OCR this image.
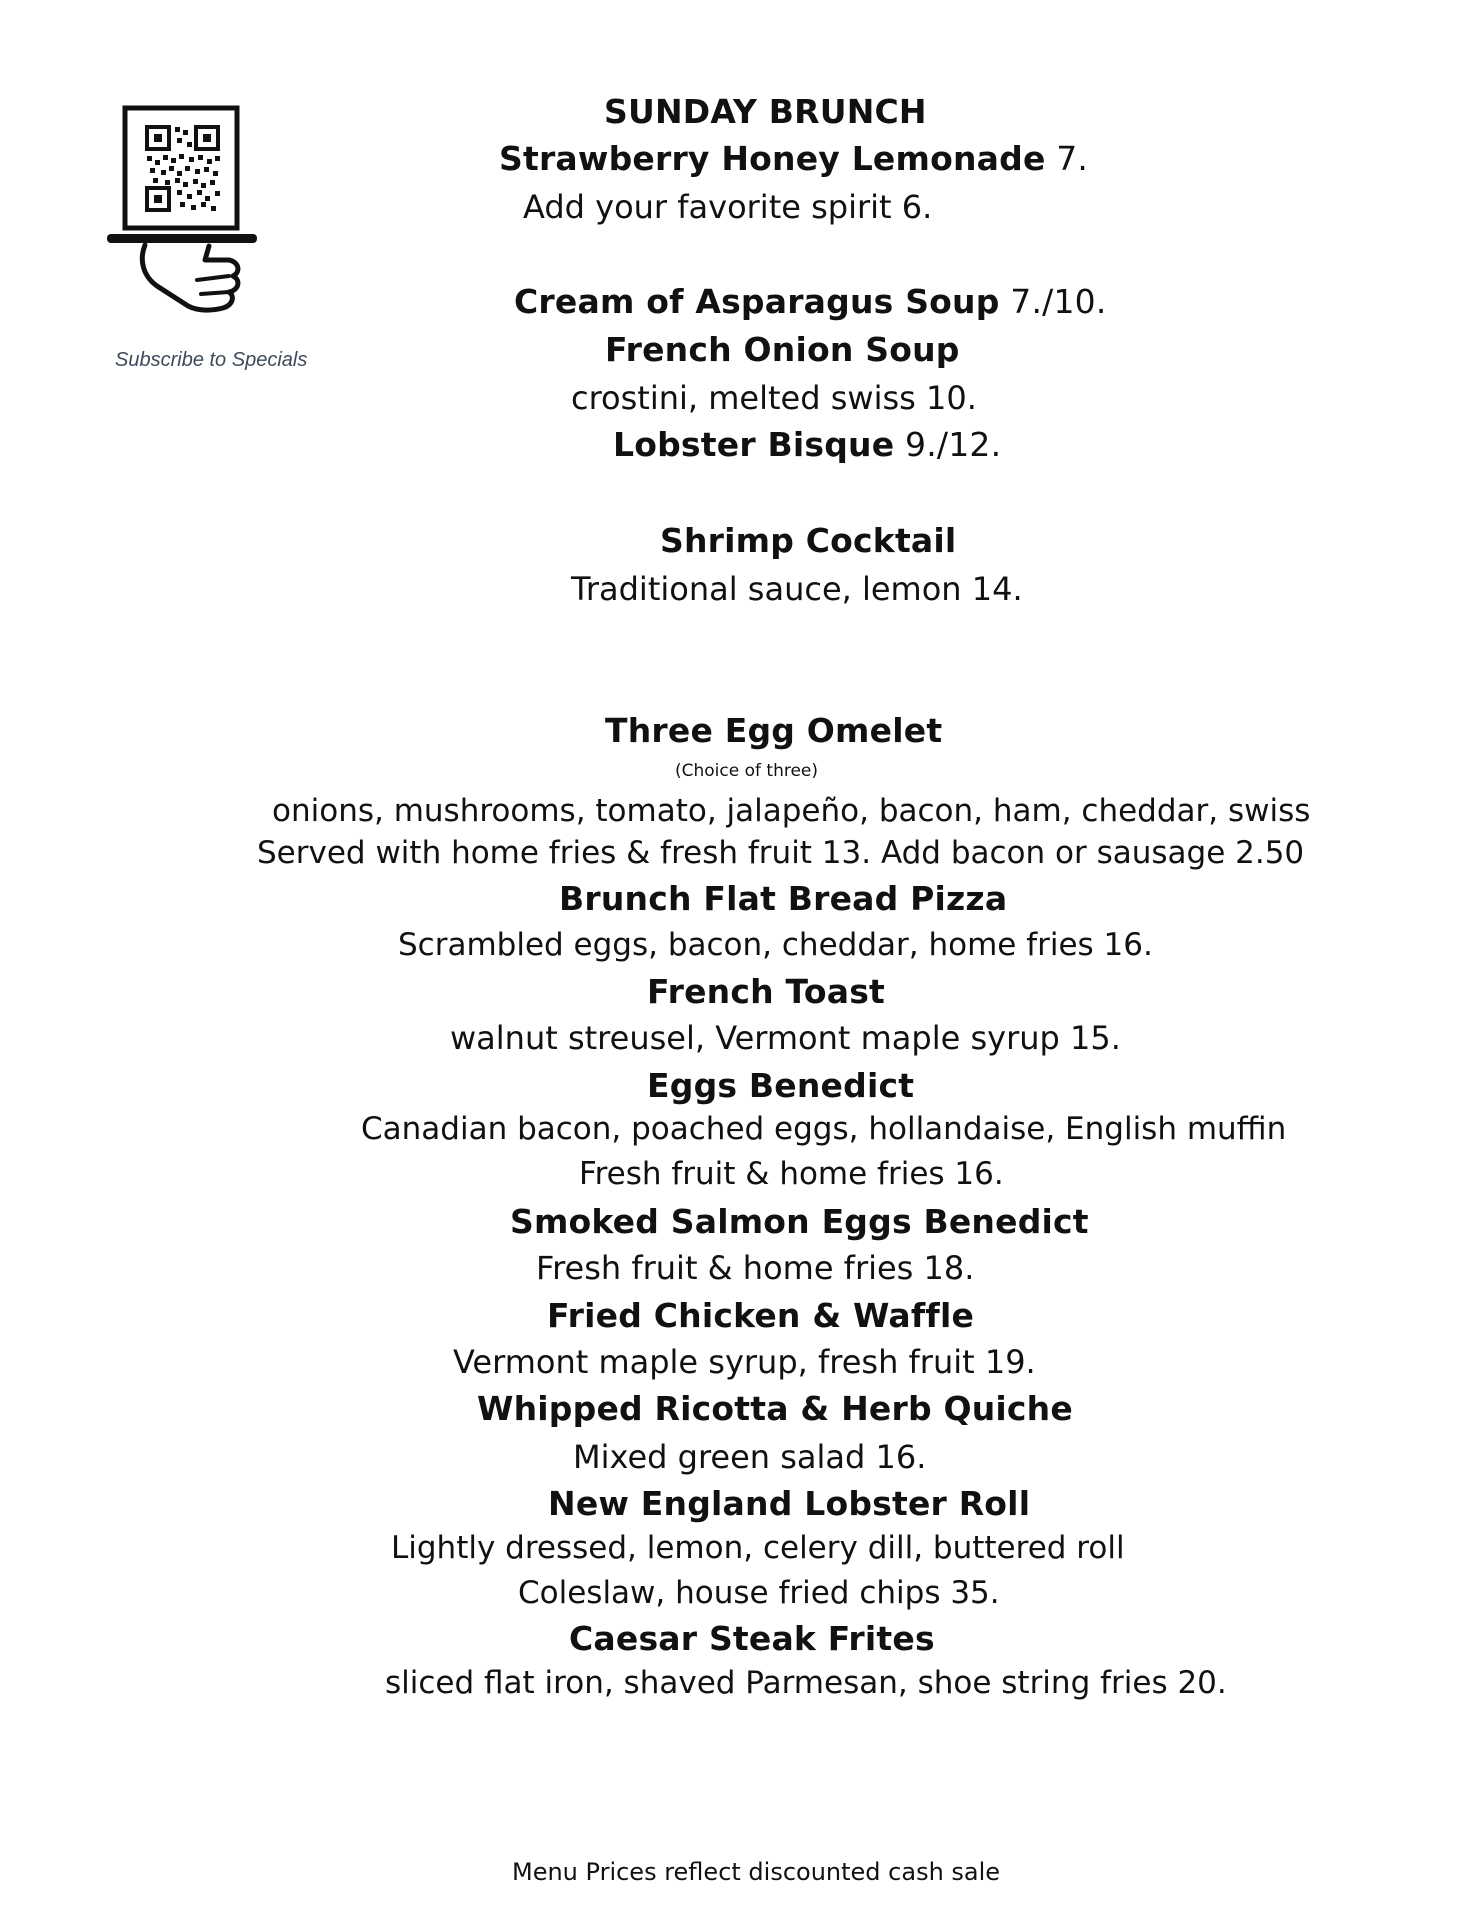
Subscribe to Specials
SUNDAY BRUNCH
Strawberry Honey Lemonade 7.
Add your favorite spirit 6.
Cream of Asparagus Soup 7./10.
French Onion Soup
crostini, melted swiss 10.
Lobster Bisque 9./12.
Shrimp Cocktail
Traditional sauce, lemon 14.
Three Egg Omelet
(Choice of three)
onions, mushrooms, tomato, jalapeño, bacon, ham, cheddar, swiss
Served with home fries & fresh fruit 13. Add bacon or sausage 2.50
Brunch Flat Bread Pizza
Scrambled eggs, bacon, cheddar, home fries 16.
French Toast
walnut streusel, Vermont maple syrup 15.
Eggs Benedict
Canadian bacon, poached eggs, hollandaise, English muffin
Fresh fruit & home fries 16.
Smoked Salmon Eggs Benedict
Fresh fruit & home fries 18.
Fried Chicken & Waffle
Vermont maple syrup, fresh fruit 19.
Whipped Ricotta & Herb Quiche
Mixed green salad 16.
New England Lobster Roll
Lightly dressed, lemon, celery dill, buttered roll
Coleslaw, house fried chips 35.
Caesar Steak Frites
sliced flat iron, shaved Parmesan, shoe string fries 20.
Menu Prices reflect discounted cash sale
